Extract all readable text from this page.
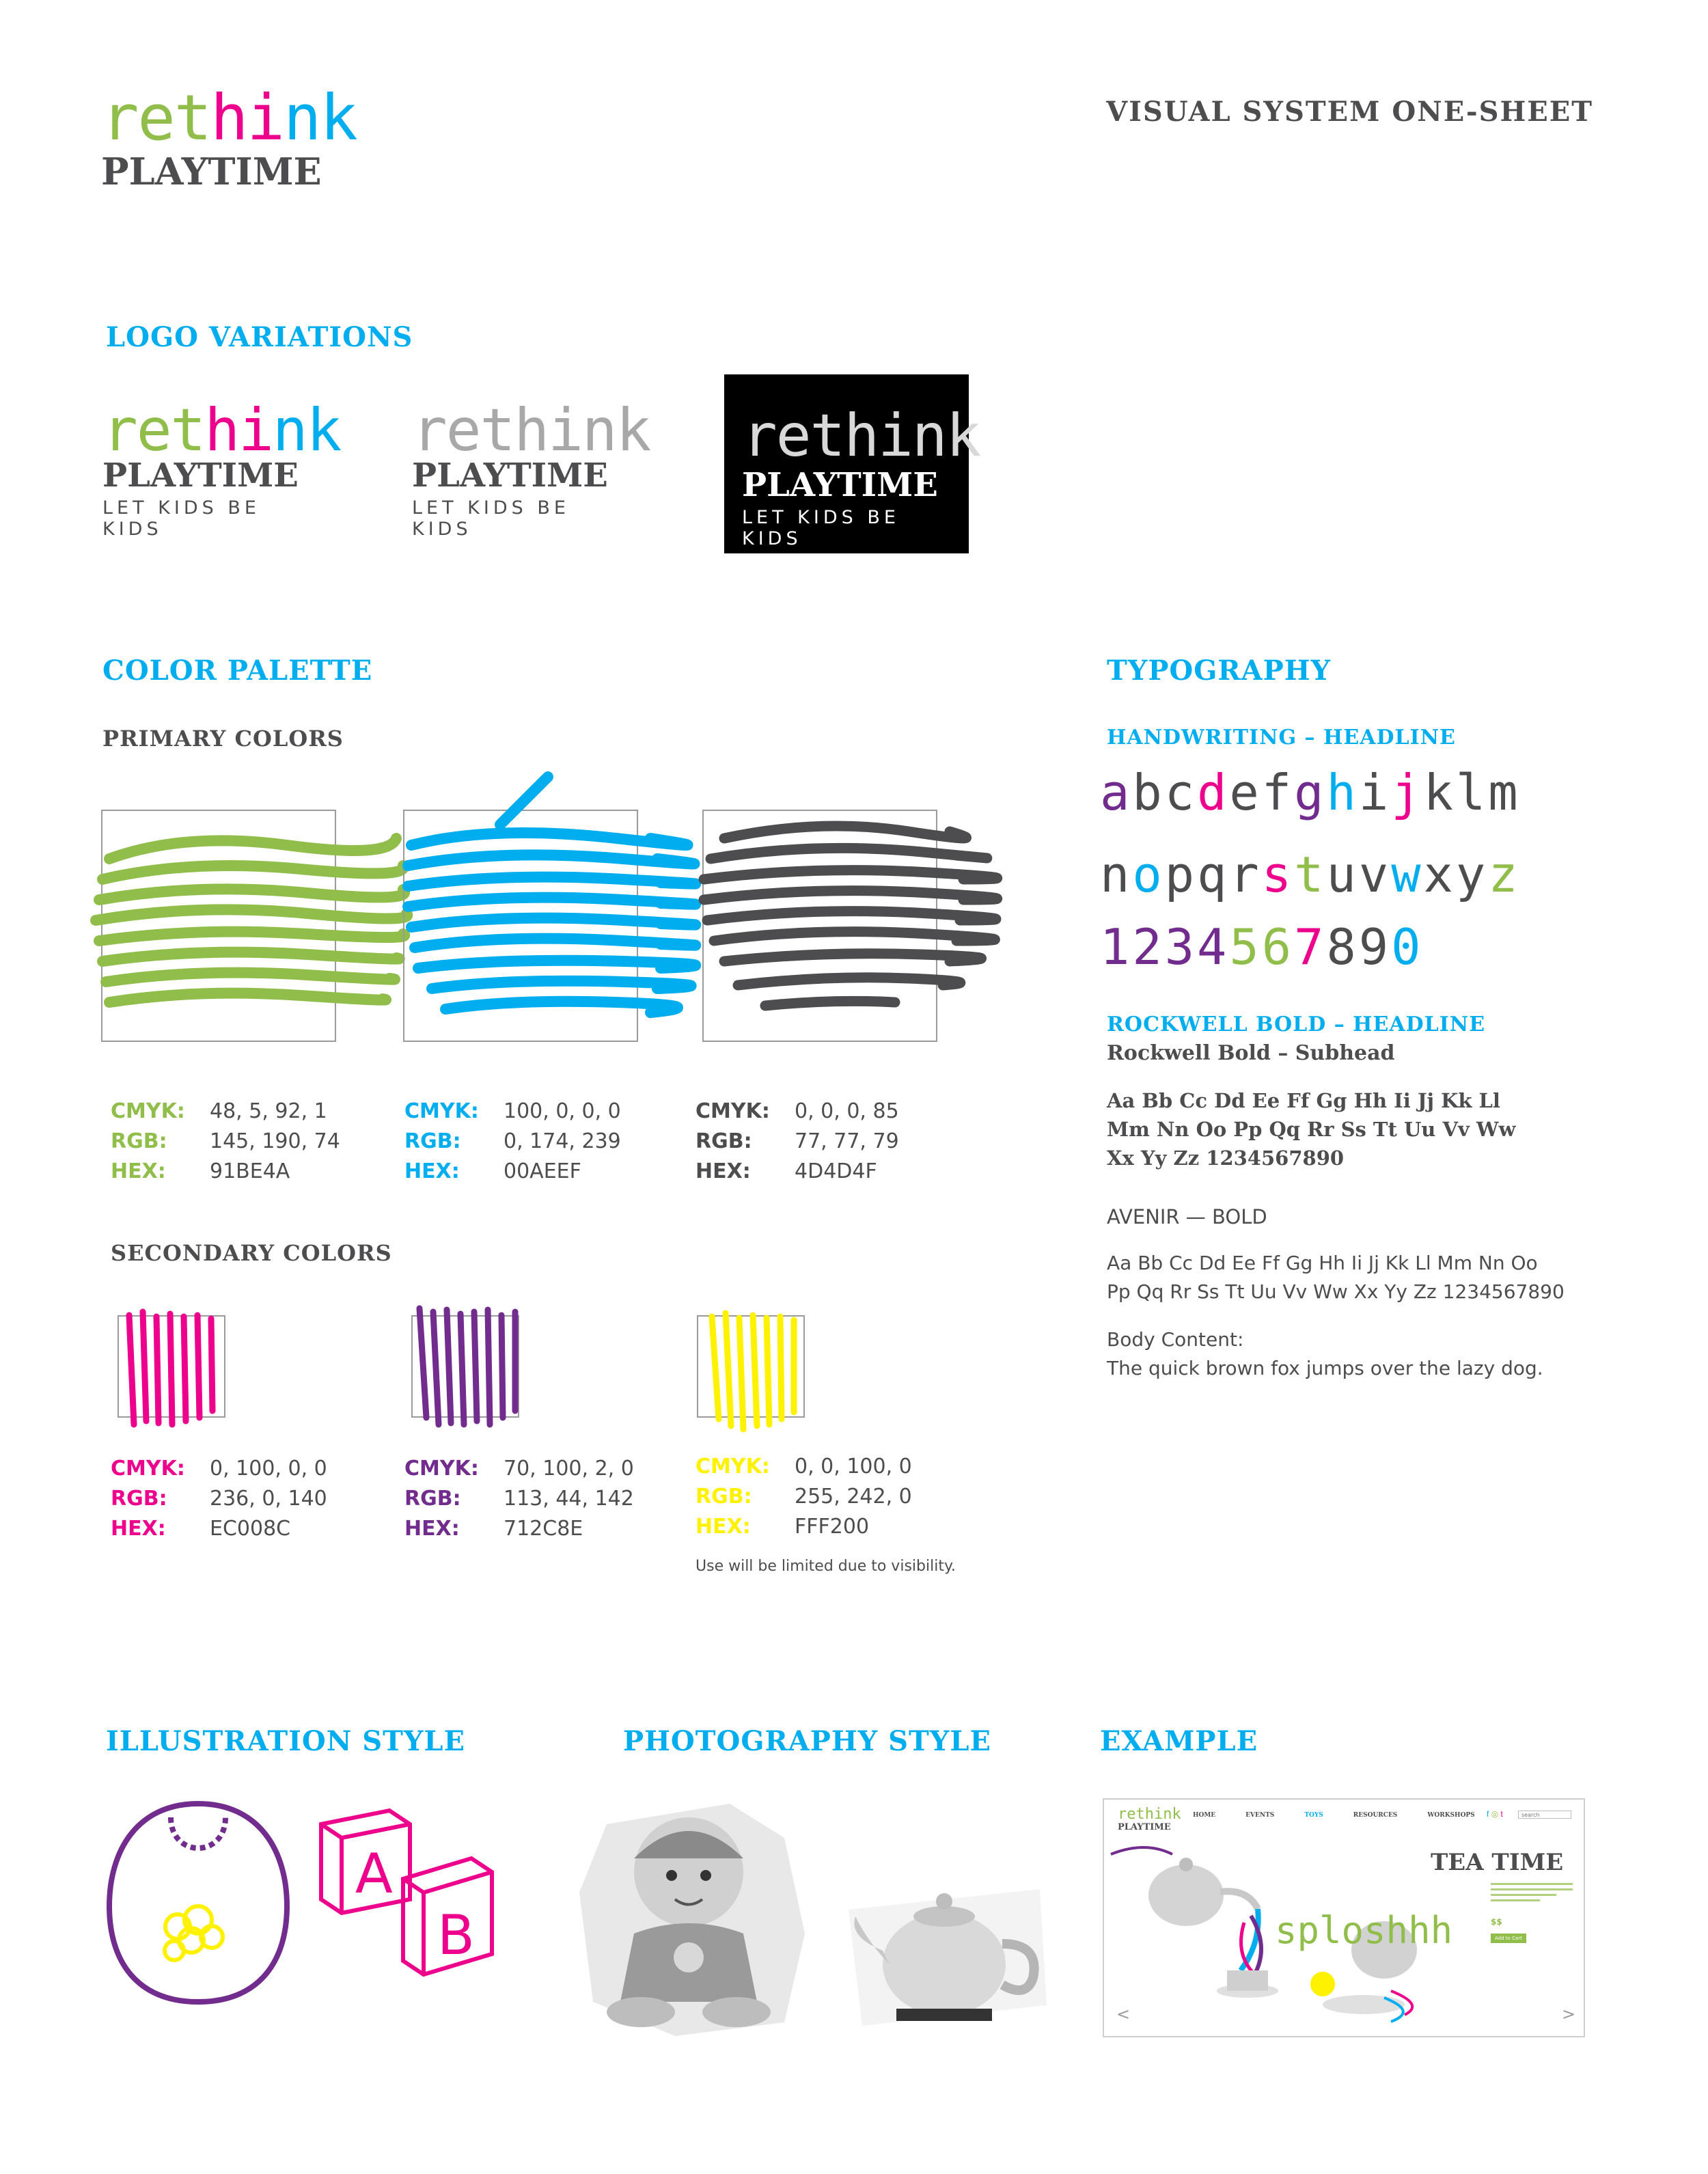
rethink
PLAYTIME
VISUAL SYSTEM ONE-SHEET
LOGO VARIATIONS
rethink
PLAYTIME
LET KIDS BE KIDS
rethink
PLAYTIME
LET KIDS BE KIDS
rethink
PLAYTIME
LET KIDS BE KIDS
COLOR PALETTE
PRIMARY COLORS
CMYK:	48, 5, 92, 1
RGB:	145, 190, 74
HEX:	91BE4A
CMYK:	100, 0, 0, 0
RGB:	0, 174, 239
HEX:	00AEEF
CMYK:	0, 0, 0, 85
RGB:	77, 77, 79
HEX:	4D4D4F
SECONDARY COLORS
CMYK:	0, 100, 0, 0
RGB:	236, 0, 140
HEX:	EC008C
CMYK:	70, 100, 2, 0
RGB:	113, 44, 142
HEX:	712C8E
CMYK:	0, 0, 100, 0
RGB:	255, 242, 0
HEX:	FFF200
Use will be limited due to visibility.
TYPOGRAPHY
HANDWRITING – HEADLINE
abcdefghijklm
nopqrstuvwxyz
1234567890
ROCKWELL BOLD – HEADLINE
Rockwell Bold – Subhead
Aa Bb Cc Dd Ee Ff Gg Hh Ii Jj Kk Ll
Mm Nn Oo Pp Qq Rr Ss Tt Uu Vv Ww
Xx Yy Zz 1234567890
AVENIR — BOLD
Aa Bb Cc Dd Ee Ff Gg Hh Ii Jj Kk Ll Mm Nn Oo
Pp Qq Rr Ss Tt Uu Vv Ww Xx Yy Zz 1234567890
Body Content:
The quick brown fox jumps over the lazy dog.
ILLUSTRATION STYLE
A
B
PHOTOGRAPHY STYLE	EXAMPLE
rethink
PLAYTIME
HOME	EVENTS	TOYS	RESOURCES	WORKSHOPS f ◎ t
search
sploshhh
TEA TIME
$$
Add to Cart
<	>
